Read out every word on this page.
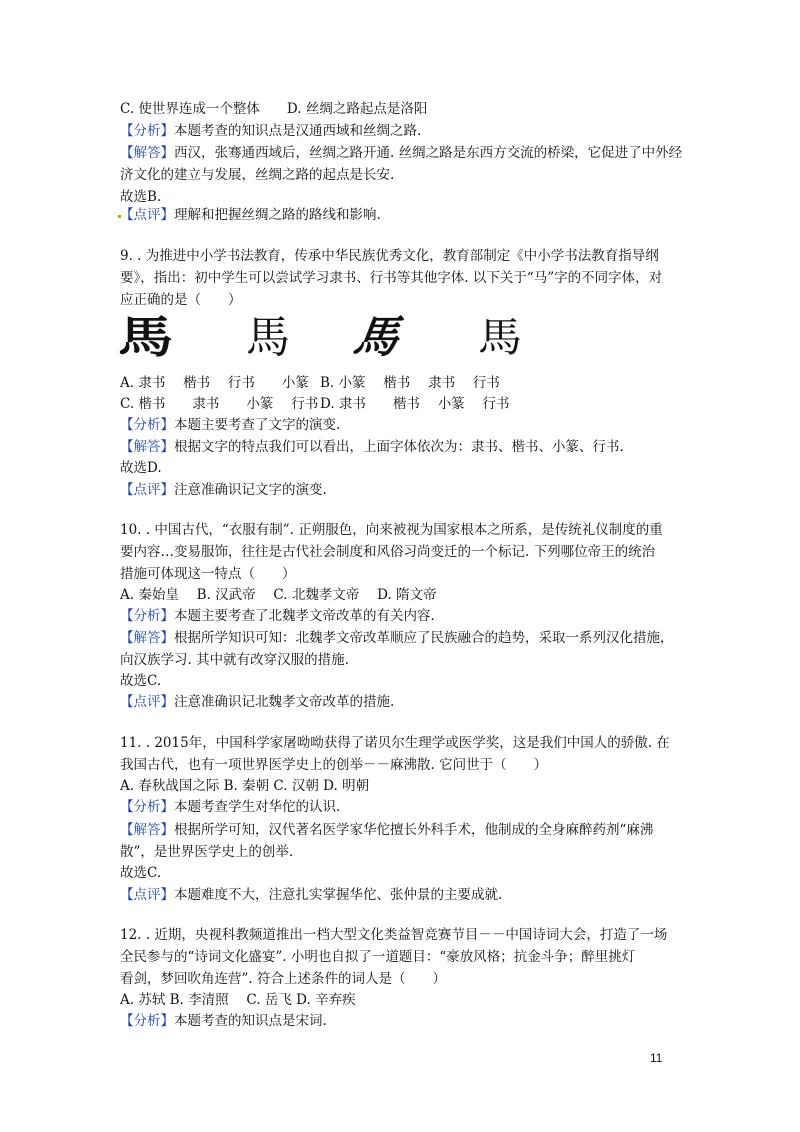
C. 使世界连成一个整体　　D. 丝绸之路起点是洛阳
【分析】本题考查的知识点是汉通西域和丝绸之路.
【解答】西汉，张骞通西域后，丝绸之路开通. 丝绸之路是东西方交流的桥梁，它促进了中外经
济文化的建立与发展，丝绸之路的起点是长安.
故选B.
【点评】理解和把握丝绸之路的路线和影响.
9. . 为推进中小学书法教育，传承中华民族优秀文化，教育部制定《中小学书法教育指导纲
要》，指出：初中学生可以尝试学习隶书、行书等其他字体. 以下关于“马”字的不同字体，对
应正确的是（　　）
馬 馬 馬 馬
A. 隶书　 楷书　 行书　　小篆 B. 小篆　 楷书　 隶书　 行书
C. 楷书　　隶书　　小篆　 行书 D. 隶书　　楷书　 小篆　 行书
【分析】本题主要考查了文字的演变.
【解答】根据文字的特点我们可以看出，上面字体依次为：隶书、楷书、小篆、行书.
故选D.
【点评】注意准确识记文字的演变.
10. . 中国古代，“衣服有制”. 正朔服色，向来被视为国家根本之所系，是传统礼仪制度的重
要内容…变易服饰，往往是古代社会制度和风俗习尚变迁的一个标记. 下列哪位帝王的统治
措施可体现这一特点（　　）
A. 秦始皇　 B. 汉武帝　 C. 北魏孝文帝　 D. 隋文帝
【分析】本题主要考查了北魏孝文帝改革的有关内容.
【解答】根据所学知识可知：北魏孝文帝改革顺应了民族融合的趋势，采取一系列汉化措施，
向汉族学习. 其中就有改穿汉服的措施.
故选C.
【点评】注意准确识记北魏孝文帝改革的措施.
11. . 2015年，中国科学家屠呦呦获得了诺贝尔生理学或医学奖，这是我们中国人的骄傲. 在
我国古代，也有一项世界医学史上的创举－－麻沸散. 它问世于（　　）
A. 春秋战国之际 B. 秦朝 C. 汉朝 D. 明朝
【分析】本题考查学生对华佗的认识.
【解答】根据所学可知，汉代著名医学家华佗擅长外科手术，他制成的全身麻醉药剂“麻沸
散”，是世界医学史上的创举.
故选C.
【点评】本题难度不大，注意扎实掌握华佗、张仲景的主要成就.
12. . 近期，央视科教频道推出一档大型文化类益智竞赛节目－－中国诗词大会，打造了一场
全民参与的“诗词文化盛宴”. 小明也自拟了一道题目：“豪放风格；抗金斗争；醉里挑灯
看剑，梦回吹角连营”. 符合上述条件的词人是（　　）
A. 苏轼 B. 李清照　 C. 岳飞 D. 辛弃疾
【分析】本题考查的知识点是宋词.
11
